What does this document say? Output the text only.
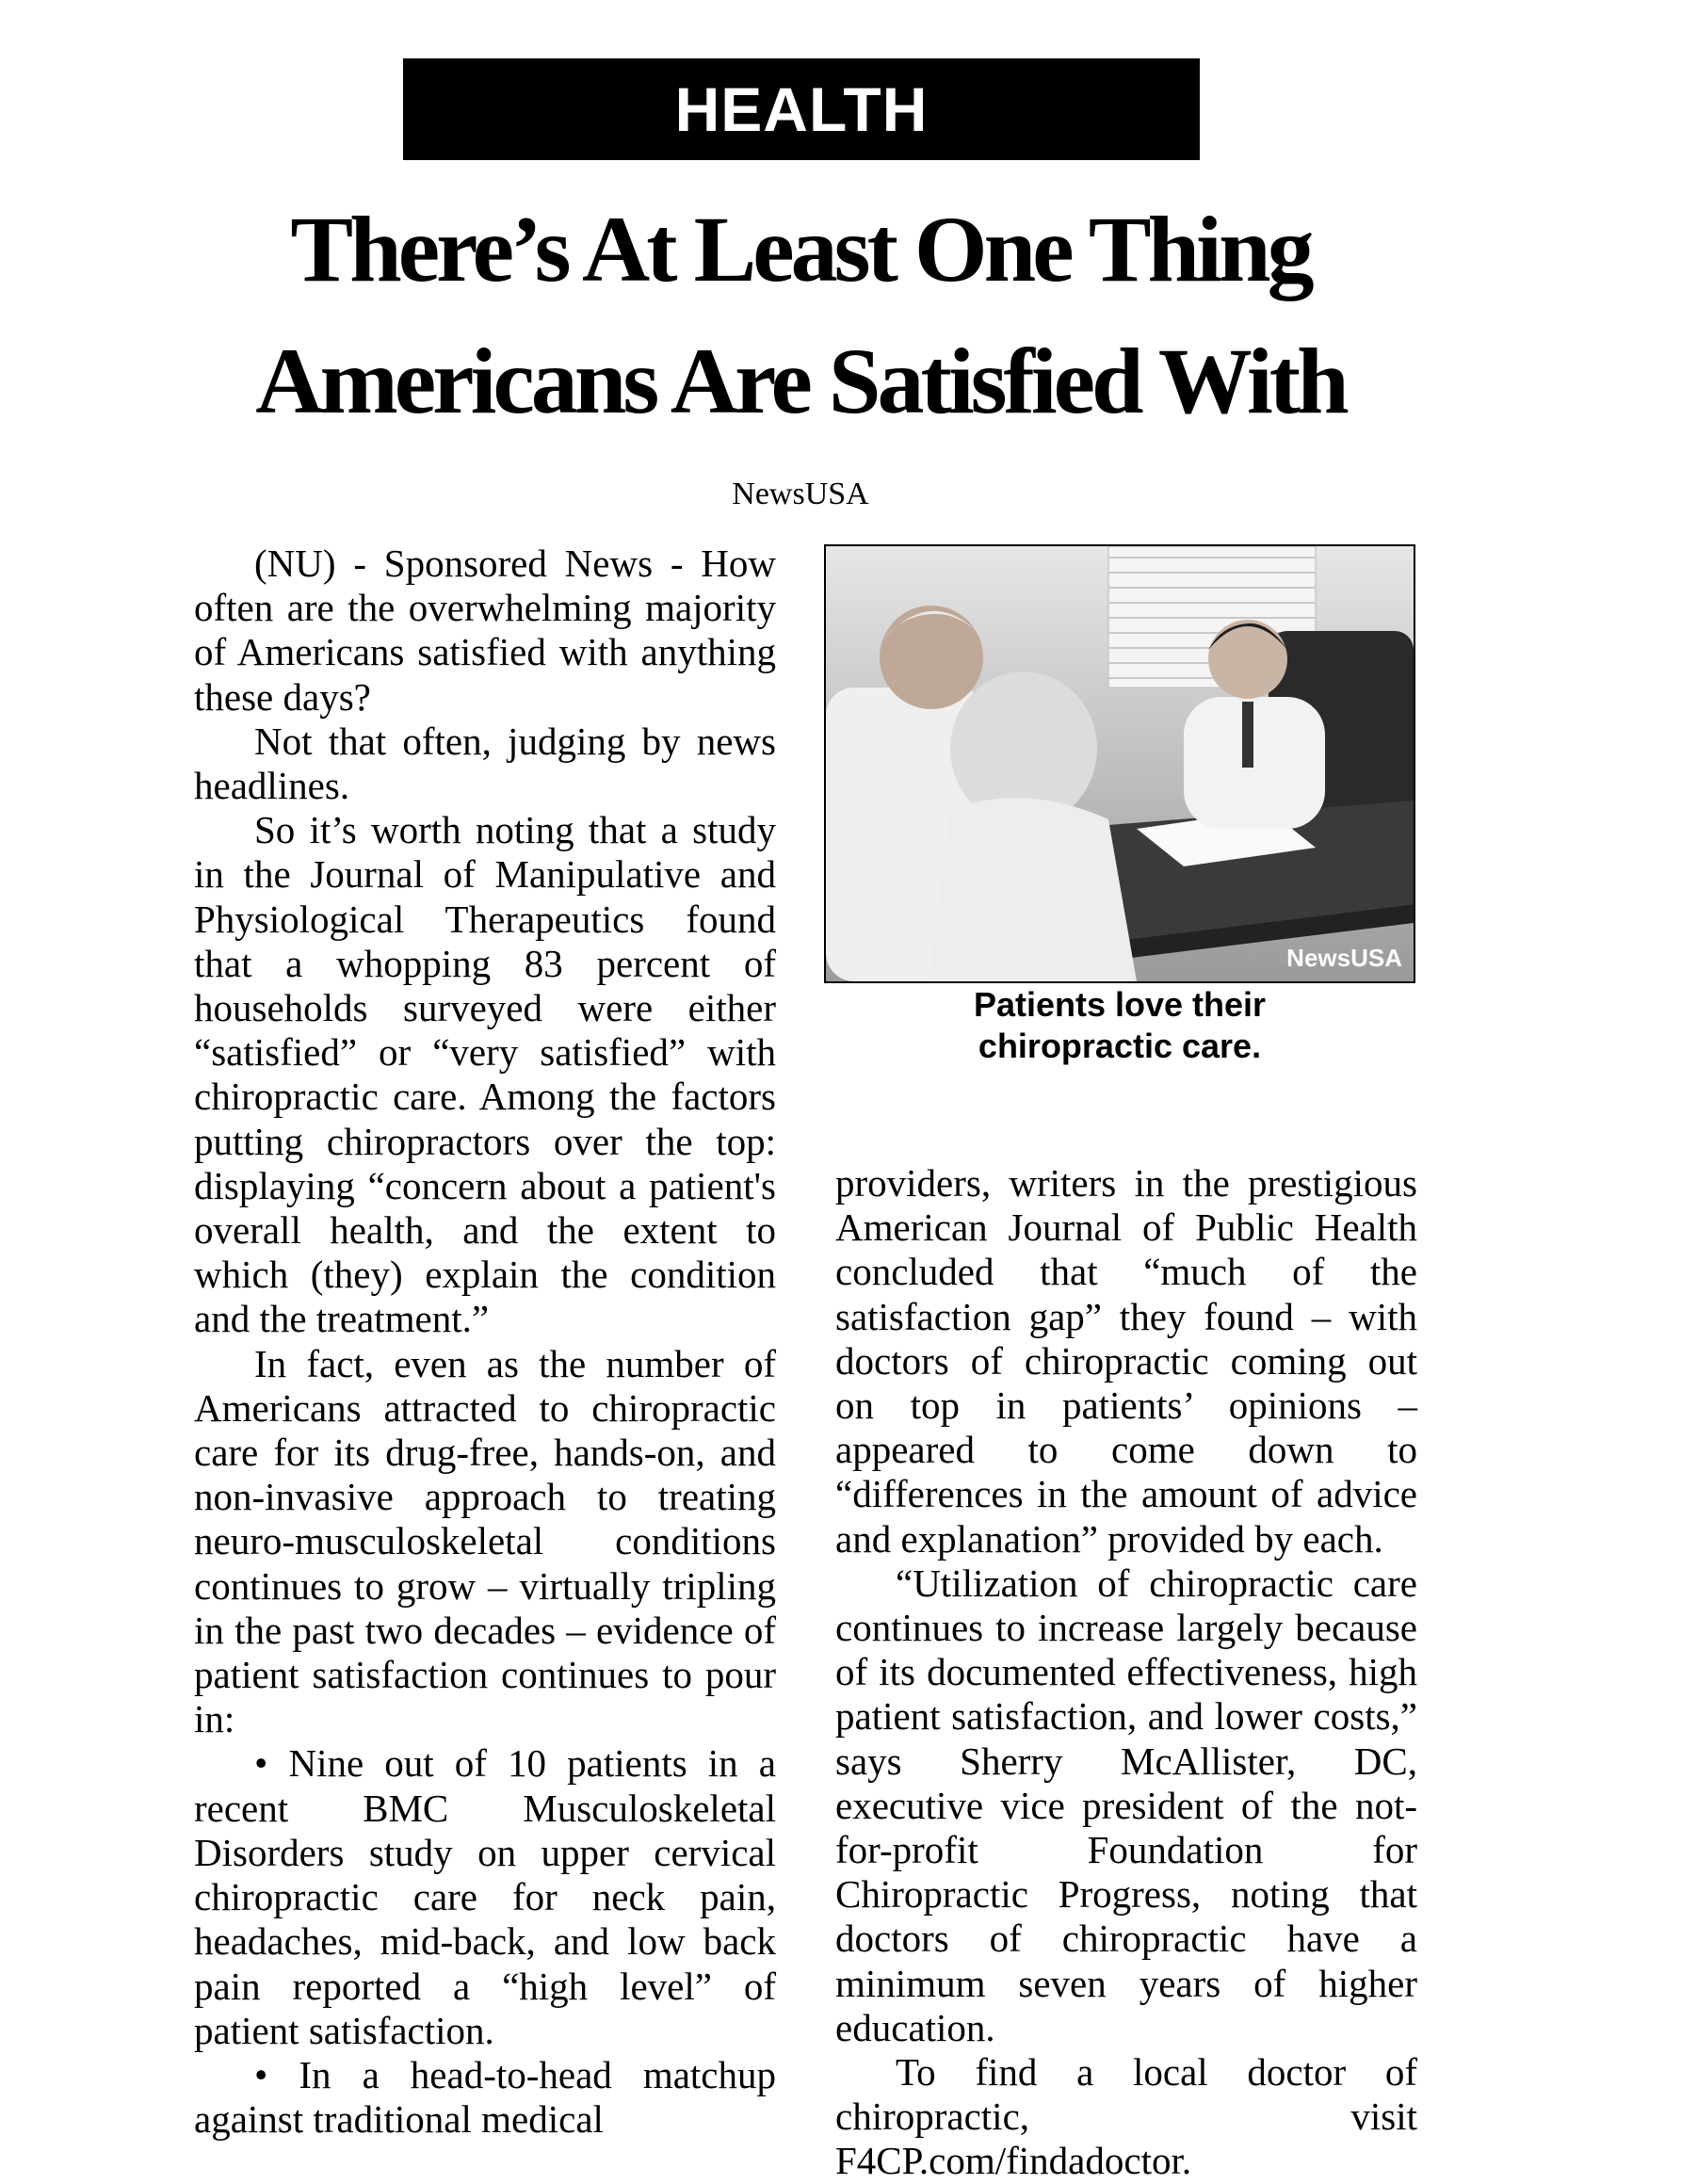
HEALTH
There’s At Least One Thing
Americans Are Satisfied With
NewsUSA

(NU) - Sponsored News - How often are the overwhelming majority of Americans satisfied with anything these days?

Not that often, judging by news headlines.

So it’s worth noting that a study in the Journal of Manipulative and Physiological Therapeutics found that a whopping 83 percent of households surveyed were either “satisfied” or “very satisfied” with chiropractic care. Among the factors putting chiropractors over the top: displaying “concern about a patient's overall health, and the extent to which (they) explain the condition and the treatment.”

In fact, even as the number of Americans attracted to chiropractic care for its drug-free, hands-on, and non-invasive approach to treating neuro-musculoskeletal conditions continues to grow – virtually tripling in the past two decades – evidence of patient satisfaction continues to pour in:

• Nine out of 10 patients in a recent BMC Musculoskeletal Disorders study on upper cervical chiropractic care for neck pain, headaches, mid-back, and low back pain reported a “high level” of patient satisfaction.

• In a head-to-head matchup against traditional medical

NewsUSA
Patients love their
chiropractic care.

providers, writers in the prestigious American Journal of Public Health concluded that “much of the satisfaction gap” they found – with doctors of chiropractic coming out on top in patients’ opinions – appeared to come down to “differences in the amount of advice and explanation” provided by each.

“Utilization of chiropractic care continues to increase largely because of its documented effectiveness, high patient satisfaction, and lower costs,” says Sherry McAllister, DC, executive vice president of the not-for-profit Foundation for Chiropractic Progress, noting that doctors of chiropractic have a minimum seven years of higher education.

To find a local doctor of chiropractic, visit F4CP.com/findadoctor.
